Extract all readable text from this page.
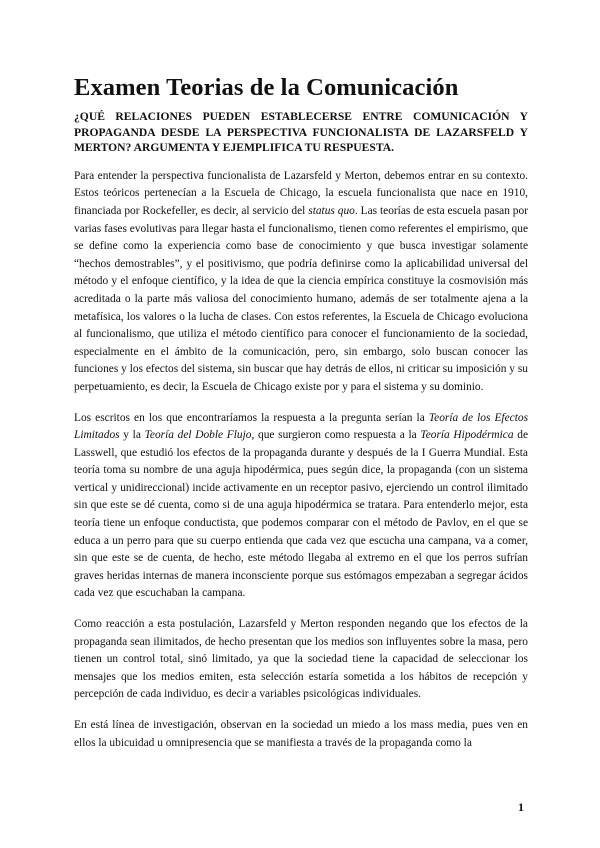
Examen Teorias de la Comunicación
¿QUÉ RELACIONES PUEDEN ESTABLECERSE ENTRE COMUNICACIÓN Y PROPAGANDA DESDE LA PERSPECTIVA FUNCIONALISTA DE LAZARSFELD Y MERTON? ARGUMENTA Y EJEMPLIFICA TU RESPUESTA.

Para entender la perspectiva funcionalista de Lazarsfeld y Merton, debemos entrar en su contexto. Estos teóricos pertenecían a la Escuela de Chicago, la escuela funcionalista que nace en 1910, financiada por Rockefeller, es decir, al servicio del status quo. Las teorías de esta escuela pasan por varias fases evolutivas para llegar hasta el funcionalismo, tienen como referentes el empirismo, que se define como la experiencia como base de conocimiento y que busca investigar solamente “hechos demostrables”, y el positivismo, que podría definirse como la aplicabilidad universal del método y el enfoque científico, y la idea de que la ciencia empírica constituye la cosmovisión más acreditada o la parte más valiosa del conocimiento humano, además de ser totalmente ajena a la metafísica, los valores o la lucha de clases. Con estos referentes, la Escuela de Chicago evoluciona al funcionalismo, que utiliza el método científico para conocer el funcionamiento de la sociedad, especialmente en el ámbito de la comunicación, pero, sin embargo, solo buscan conocer las funciones y los efectos del sistema, sin buscar que hay detrás de ellos, ni criticar su imposición y su perpetuamiento, es decir, la Escuela de Chicago existe por y para el sistema y su dominio.

Los escritos en los que encontraríamos la respuesta a la pregunta serían la Teoría de los Efectos Limitados y la Teoría del Doble Flujo, que surgieron como respuesta a la Teoría Hipodérmica de Lasswell, que estudió los efectos de la propaganda durante y después de la I Guerra Mundial. Esta teoría toma su nombre de una aguja hipodérmica, pues según dice, la propaganda (con un sistema vertical y unidireccional) incide activamente en un receptor pasivo, ejerciendo un control ilimitado sin que este se dé cuenta, como si de una aguja hipodérmica se tratara. Para entenderlo mejor, esta teoría tiene un enfoque conductista, que podemos comparar con el método de Pavlov, en el que se educa a un perro para que su cuerpo entienda que cada vez que escucha una campana, va a comer, sin que este se de cuenta, de hecho, este método llegaba al extremo en el que los perros sufrían graves heridas internas de manera inconsciente porque sus estómagos empezaban a segregar ácidos cada vez que escuchaban la campana.

Como reacción a esta postulación, Lazarsfeld y Merton responden negando que los efectos de la propaganda sean ilimitados, de hecho presentan que los medios son influyentes sobre la masa, pero tienen un control total, sinó limitado, ya que la sociedad tiene la capacidad de seleccionar los mensajes que los medios emiten, esta selección estaría sometida a los hábitos de recepción y percepción de cada individuo, es decir a variables psicológicas individuales.

En está línea de investigación, observan en la sociedad un miedo a los mass media, pues ven en ellos la ubicuidad u omnipresencia que se manifiesta a través de la propaganda como la

1
